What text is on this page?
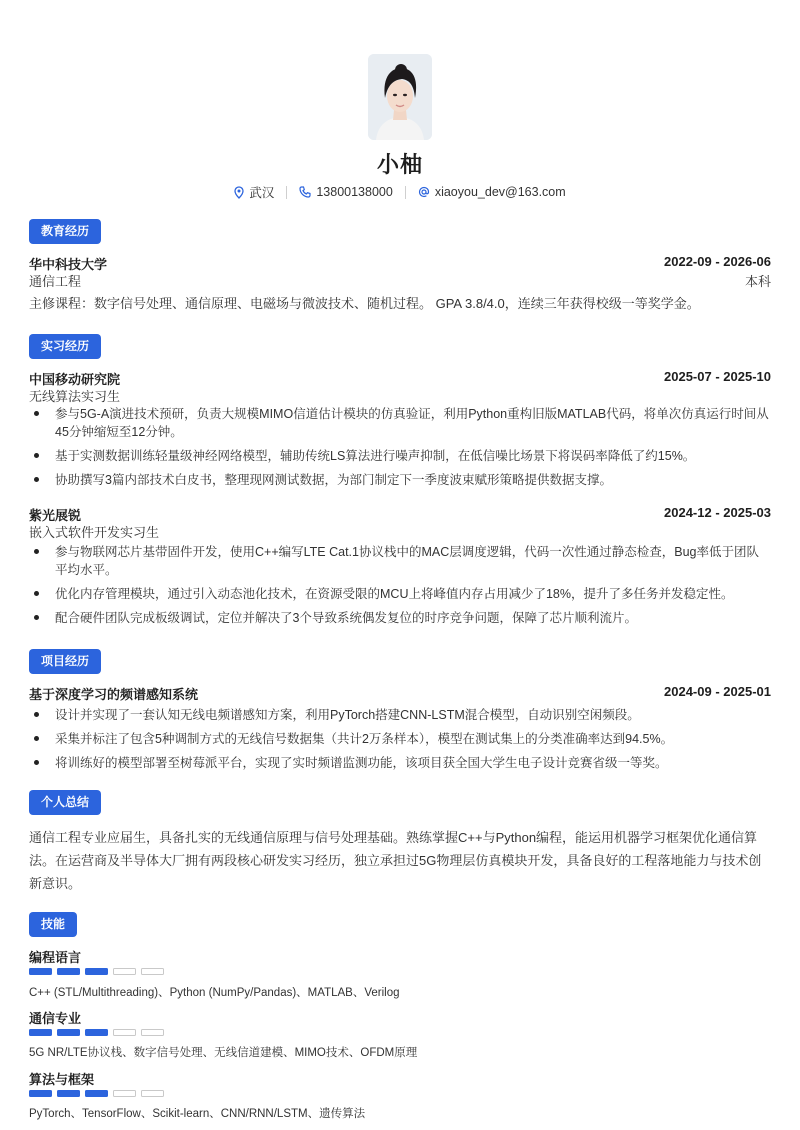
小柚
武汉	13800138000	xiaoyou_dev@163.com
教育经历
华中科技大学	2022-09 - 2026-06
通信工程	本科
主修课程：数字信号处理、通信原理、电磁场与微波技术、随机过程。 GPA 3.8/4.0，连续三年获得校级一等奖学金。
实习经历
中国移动研究院	2025-07 - 2025-10
无线算法实习生
参与5G-A演进技术预研，负责大规模MIMO信道估计模块的仿真验证，利用Python重构旧版MATLAB代码，将单次仿真运行时间从45分钟缩短至12分钟。
基于实测数据训练轻量级神经网络模型，辅助传统LS算法进行噪声抑制，在低信噪比场景下将误码率降低了约15%。
协助撰写3篇内部技术白皮书，整理现网测试数据，为部门制定下一季度波束赋形策略提供数据支撑。
紫光展锐	2024-12 - 2025-03
嵌入式软件开发实习生
参与物联网芯片基带固件开发，使用C++编写LTE Cat.1协议栈中的MAC层调度逻辑，代码一次性通过静态检查，Bug率低于团队平均水平。
优化内存管理模块，通过引入动态池化技术，在资源受限的MCU上将峰值内存占用减少了18%，提升了多任务并发稳定性。
配合硬件团队完成板级调试，定位并解决了3个导致系统偶发复位的时序竞争问题，保障了芯片顺利流片。
项目经历
基于深度学习的频谱感知系统	2024-09 - 2025-01
设计并实现了一套认知无线电频谱感知方案，利用PyTorch搭建CNN-LSTM混合模型，自动识别空闲频段。
采集并标注了包含5种调制方式的无线信号数据集（共计2万条样本），模型在测试集上的分类准确率达到94.5%。
将训练好的模型部署至树莓派平台，实现了实时频谱监测功能，该项目获全国大学生电子设计竞赛省级一等奖。
个人总结
通信工程专业应届生，具备扎实的无线通信原理与信号处理基础。熟练掌握C++与Python编程，能运用机器学习框架优化通信算法。在运营商及半导体大厂拥有两段核心研发实习经历，独立承担过5G物理层仿真模块开发，具备良好的工程落地能力与技术创新意识。
技能
编程语言
C++ (STL/Multithreading)、Python (NumPy/Pandas)、MATLAB、Verilog
通信专业
5G NR/LTE协议栈、数字信号处理、无线信道建模、MIMO技术、OFDM原理
算法与框架
PyTorch、TensorFlow、Scikit-learn、CNN/RNN/LSTM、遗传算法
